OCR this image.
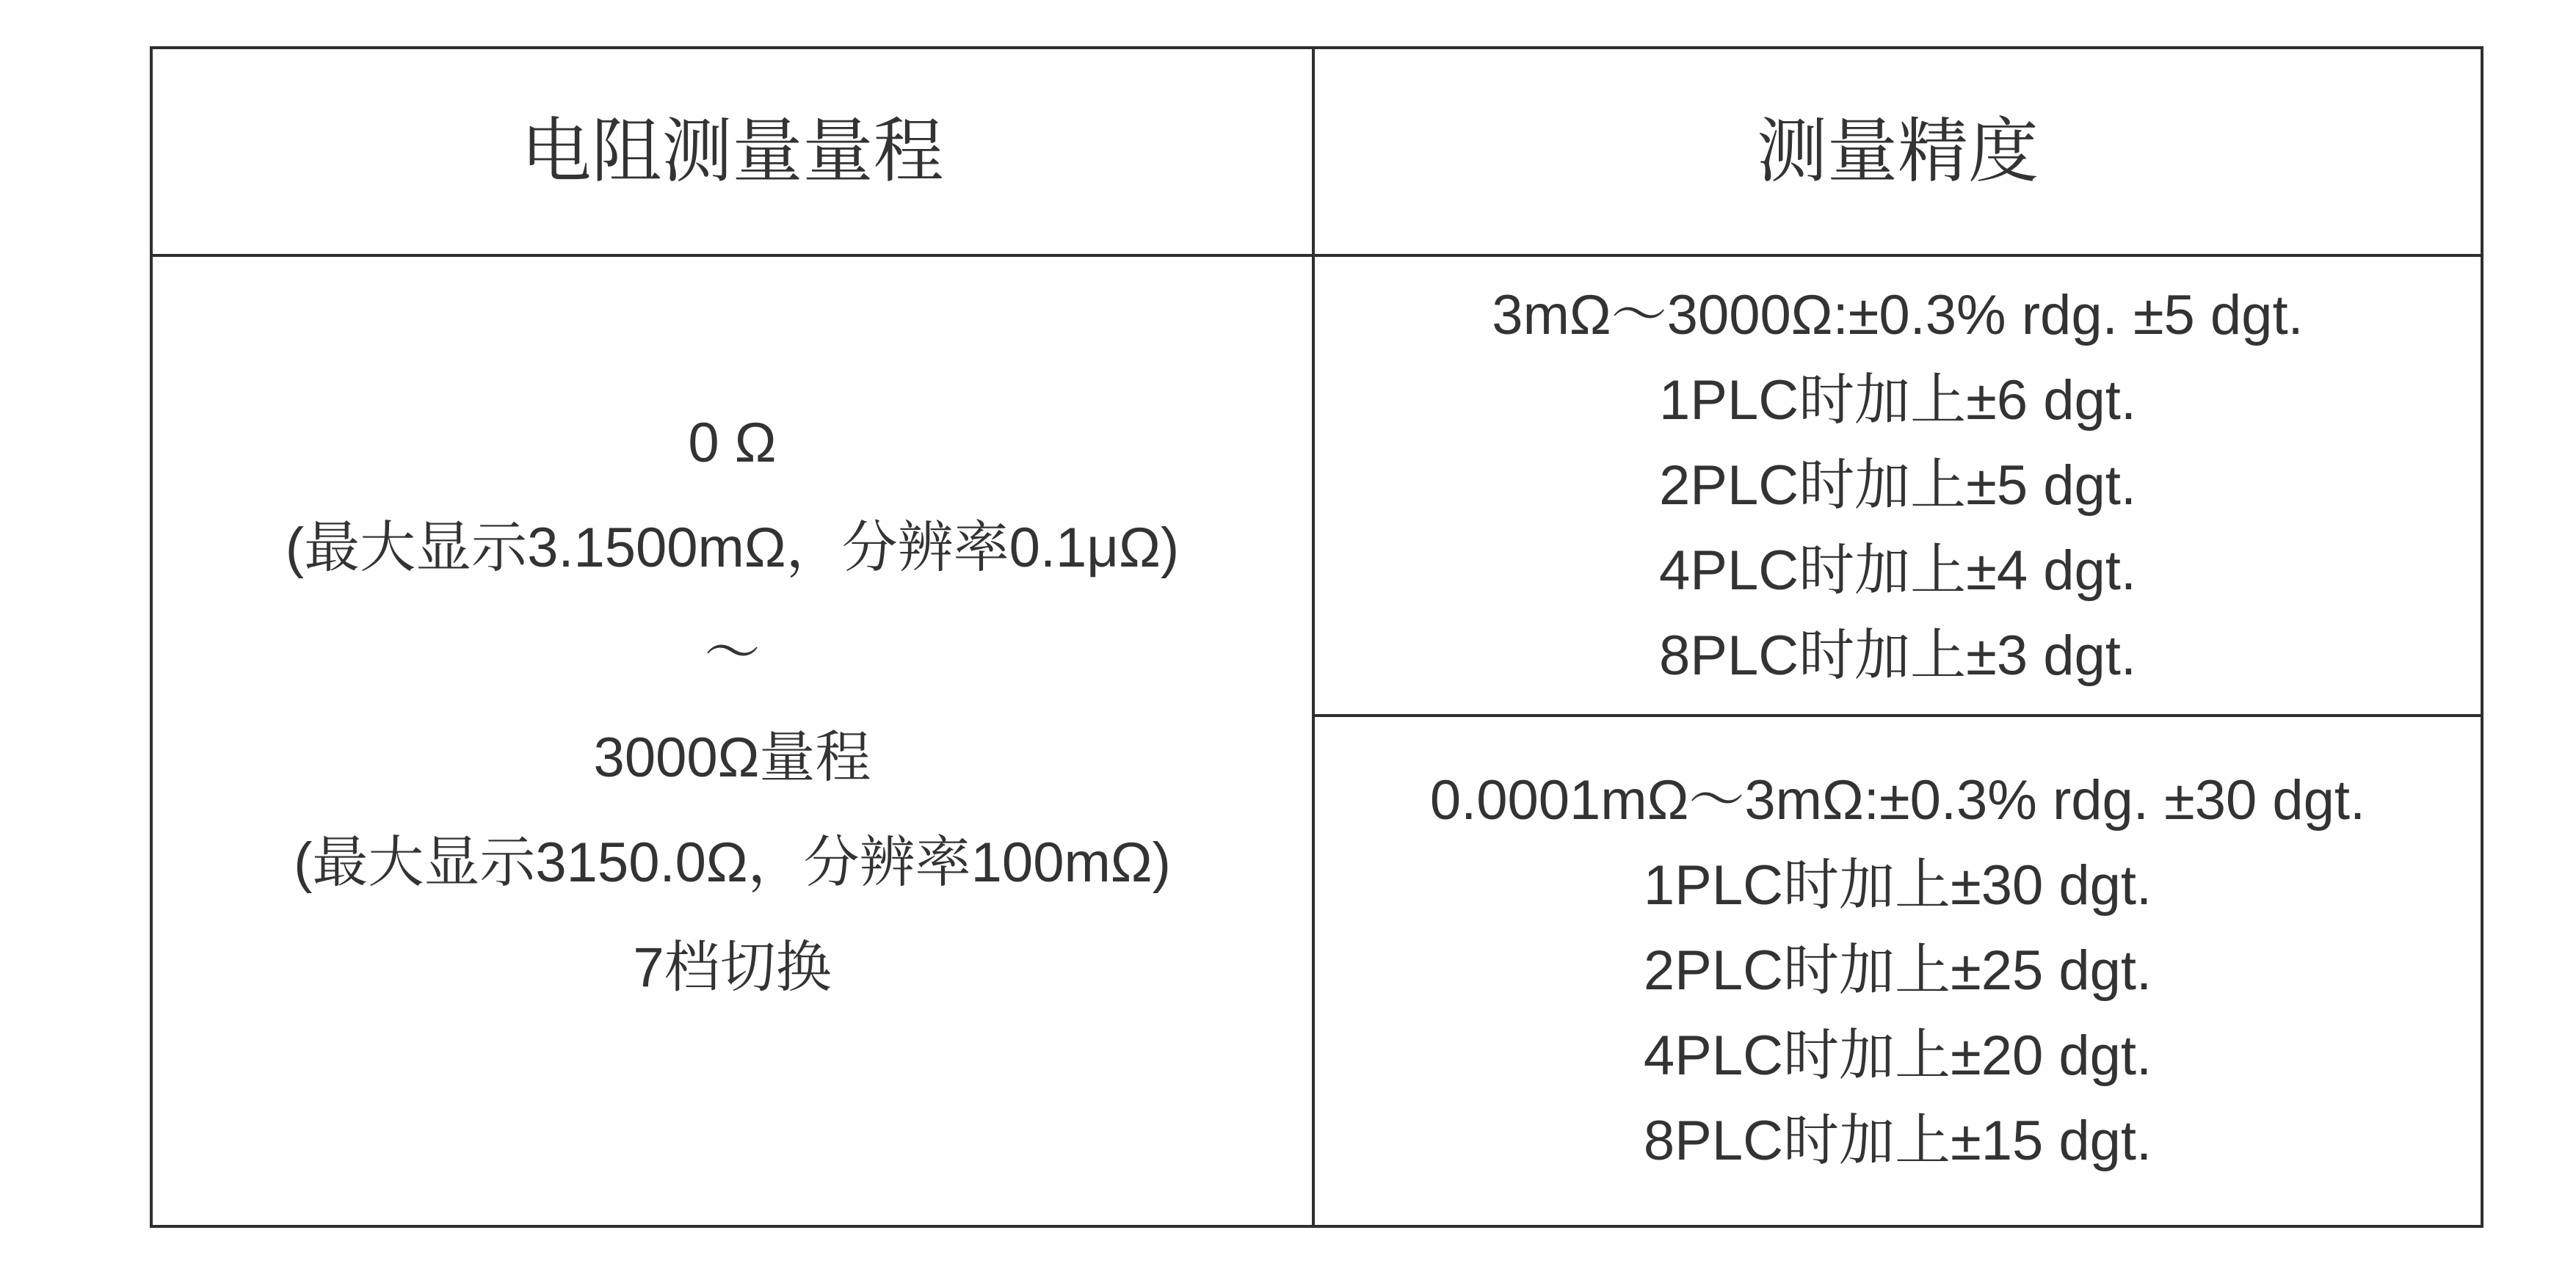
电阻测量量程	测量精度
0 Ω
(最大显示3.1500mΩ，分辨率0.1μΩ)
～
3000Ω量程
(最大显示3150.0Ω，分辨率100mΩ)
7档切换
3mΩ～3000Ω:±0.3% rdg. ±5 dgt.
1PLC时加上±6 dgt.
2PLC时加上±5 dgt.
4PLC时加上±4 dgt.
8PLC时加上±3 dgt.
0.0001mΩ～3mΩ:±0.3% rdg. ±30 dgt.
1PLC时加上±30 dgt.
2PLC时加上±25 dgt.
4PLC时加上±20 dgt.
8PLC时加上±15 dgt.
